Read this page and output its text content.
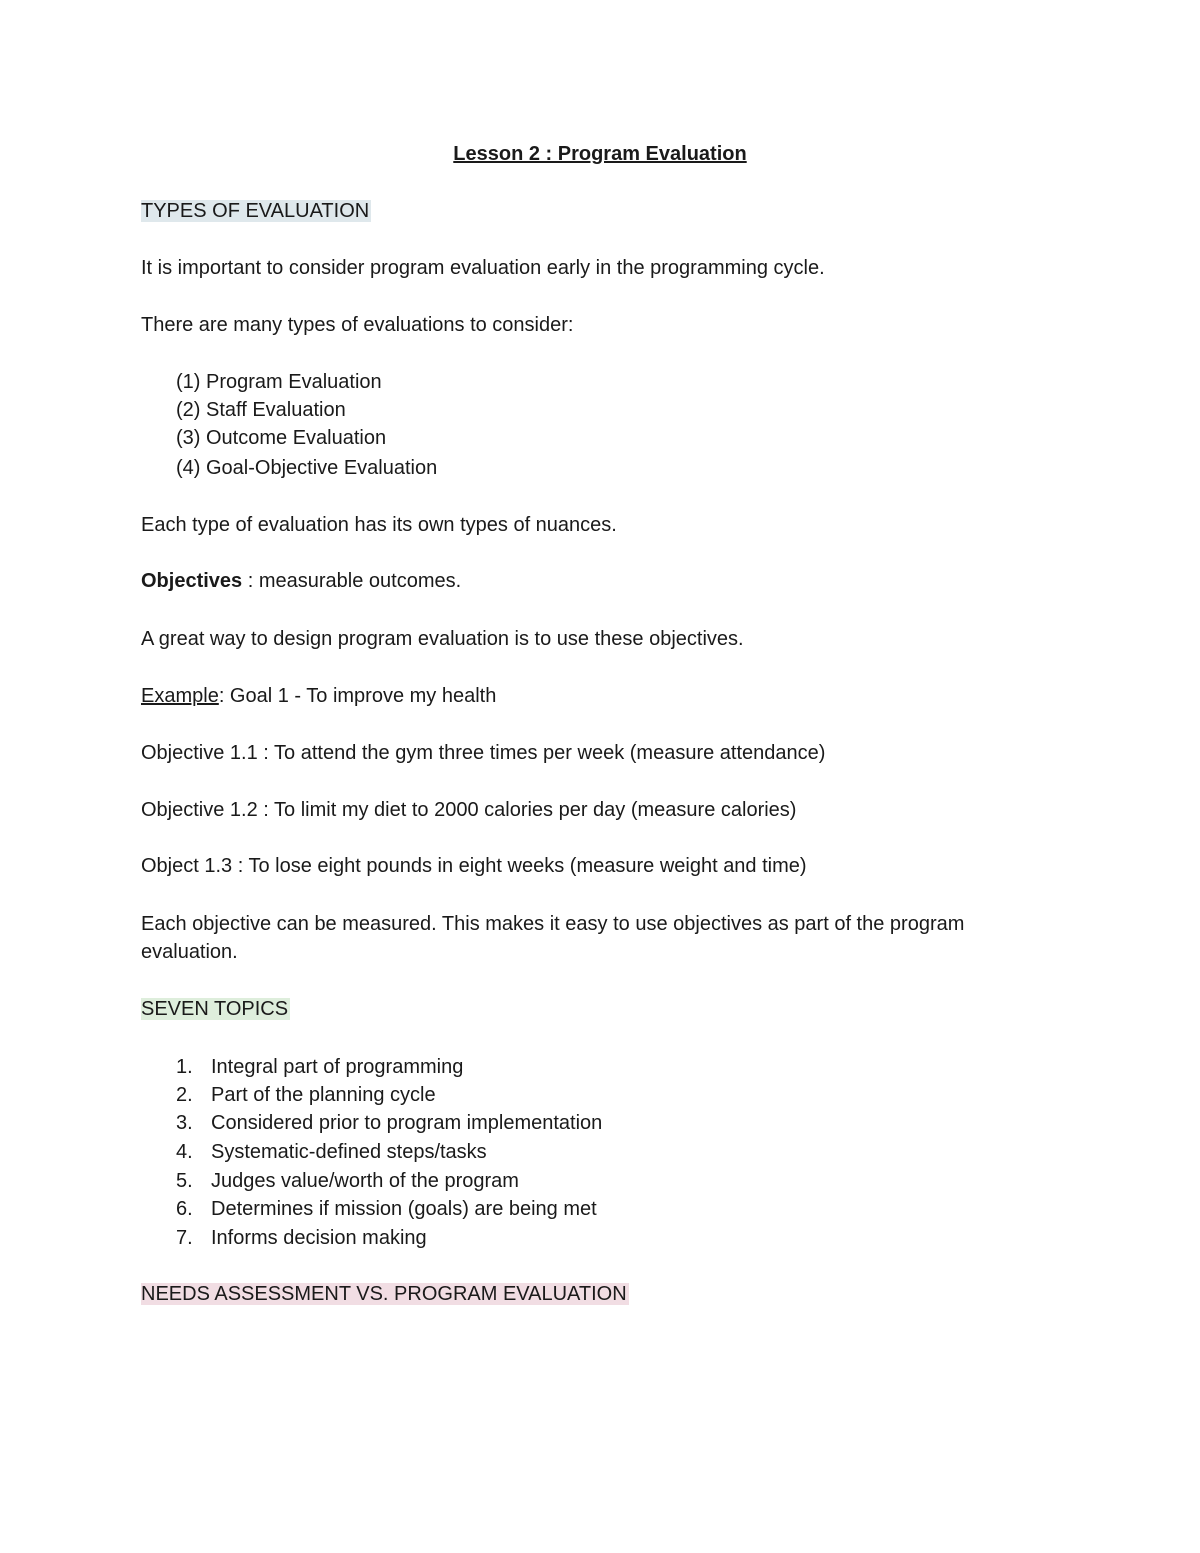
Lesson 2 : Program Evaluation
TYPES OF EVALUATION
It is important to consider program evaluation early in the programming cycle.
There are many types of evaluations to consider:
(1) Program Evaluation
(2) Staff Evaluation
(3) Outcome Evaluation
(4) Goal-Objective Evaluation
Each type of evaluation has its own types of nuances.
Objectives : measurable outcomes.
A great way to design program evaluation is to use these objectives.
Example: Goal 1 - To improve my health
Objective 1.1 : To attend the gym three times per week (measure attendance)
Objective 1.2 : To limit my diet to 2000 calories per day (measure calories)
Object 1.3 : To lose eight pounds in eight weeks (measure weight and time)
Each objective can be measured. This makes it easy to use objectives as part of the program
evaluation.
SEVEN TOPICS
1. Integral part of programming
2. Part of the planning cycle
3. Considered prior to program implementation
4. Systematic-defined steps/tasks
5. Judges value/worth of the program
6. Determines if mission (goals) are being met
7. Informs decision making
NEEDS ASSESSMENT VS. PROGRAM EVALUATION
